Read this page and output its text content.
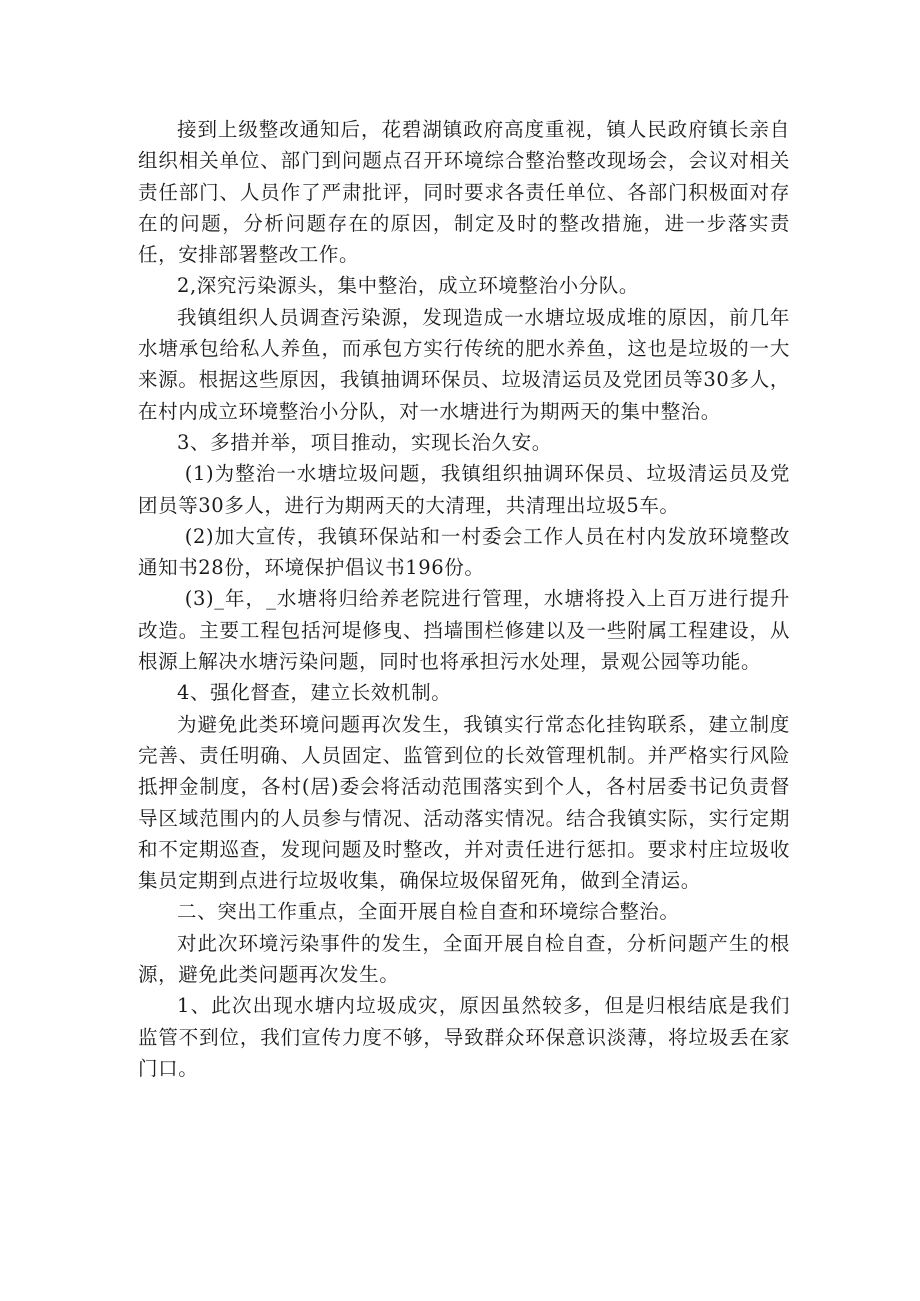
接到上级整改通知后，花碧湖镇政府高度重视，镇人民政府镇长亲自组织相关单位、部门到问题点召开环境综合整治整改现场会，会议对相关责任部门、人员作了严肃批评，同时要求各责任单位、各部门积极面对存在的问题，分析问题存在的原因，制定及时的整改措施，进一步落实责任，安排部署整改工作。

2,深究污染源头，集中整治，成立环境整治小分队。

我镇组织人员调查污染源，发现造成一水塘垃圾成堆的原因，前几年水塘承包给私人养鱼，而承包方实行传统的肥水养鱼，这也是垃圾的一大来源。根据这些原因，我镇抽调环保员、垃圾清运员及党团员等30多人，在村内成立环境整治小分队，对一水塘进行为期两天的集中整治。

3、多措并举，项目推动，实现长治久安。

(1)为整治一水塘垃圾问题，我镇组织抽调环保员、垃圾清运员及党团员等30多人，进行为期两天的大清理，共清理出垃圾5车。

(2)加大宣传，我镇环保站和一村委会工作人员在村内发放环境整改通知书28份，环境保护倡议书196份。

(3)_年，_水塘将归给养老院进行管理，水塘将投入上百万进行提升改造。主要工程包括河堤修曳、挡墙围栏修建以及一些附属工程建设，从根源上解决水塘污染问题，同时也将承担污水处理，景观公园等功能。

4、强化督查，建立长效机制。

为避免此类环境问题再次发生，我镇实行常态化挂钩联系，建立制度完善、责任明确、人员固定、监管到位的长效管理机制。并严格实行风险抵押金制度，各村(居)委会将活动范围落实到个人，各村居委书记负责督导区域范围内的人员参与情况、活动落实情况。结合我镇实际，实行定期和不定期巡查，发现问题及时整改，并对责任进行惩扣。要求村庄垃圾收集员定期到点进行垃圾收集，确保垃圾保留死角，做到全清运。

二、突出工作重点，全面开展自检自查和环境综合整治。

对此次环境污染事件的发生，全面开展自检自查，分析问题产生的根源，避免此类问题再次发生。

1、此次出现水塘内垃圾成灾，原因虽然较多，但是归根结底是我们监管不到位，我们宣传力度不够，导致群众环保意识淡薄，将垃圾丢在家门口。
